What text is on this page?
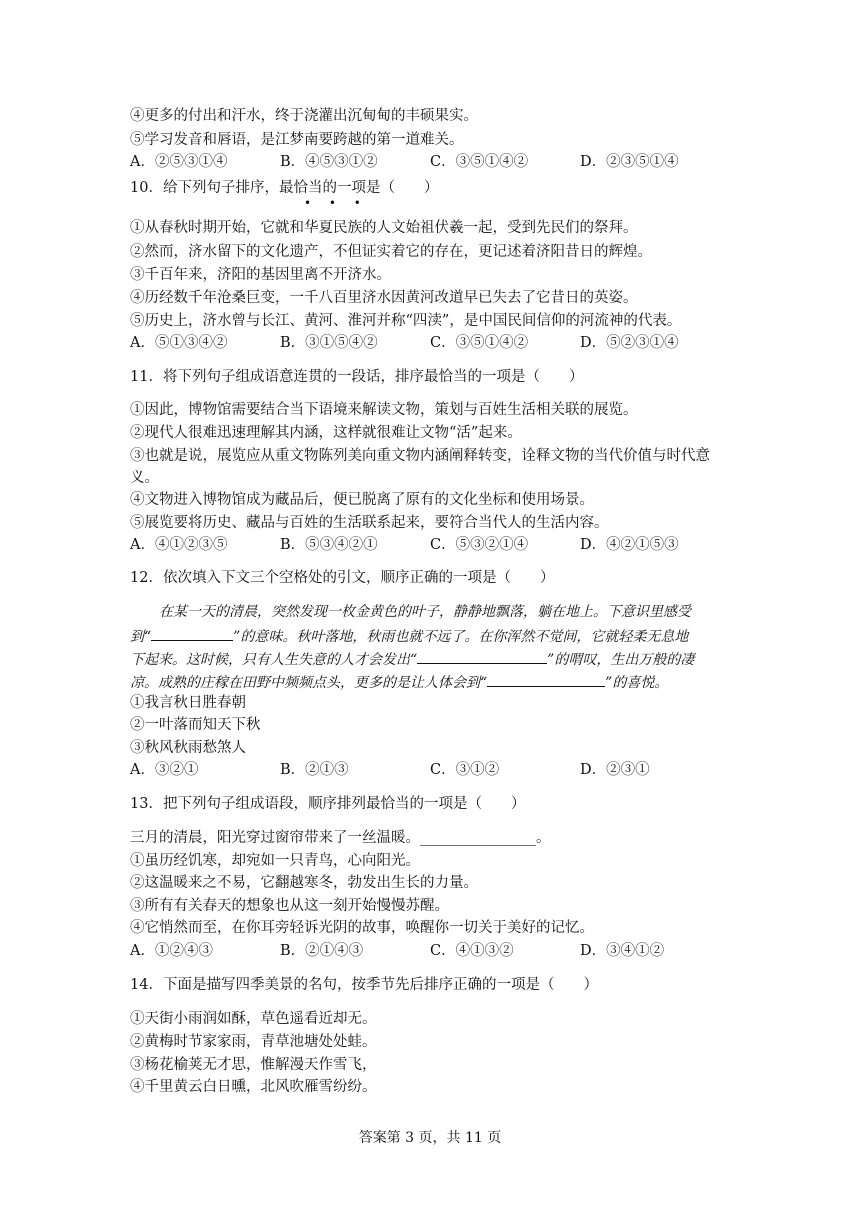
④更多的付出和汗水，终于浇灌出沉甸甸的丰硕果实。
⑤学习发音和唇语，是江梦南要跨越的第一道难关。
A．②⑤③①④	B．④⑤③①②	C．③⑤①④②	D．②③⑤①④
10．给下列句子排序，最恰当的一项是（　　）
• • •
①从春秋时期开始，它就和华夏民族的人文始祖伏羲一起，受到先民们的祭拜。
②然而，济水留下的文化遗产，不但证实着它的存在，更记述着济阳昔日的辉煌。
③千百年来，济阳的基因里离不开济水。
④历经数千年沧桑巨变，一千八百里济水因黄河改道早已失去了它昔日的英姿。
⑤历史上，济水曾与长江、黄河、淮河并称“四渎”，是中国民间信仰的河流神的代表。
A．⑤①③④②	B．③①⑤④②	C．③⑤①④②	D．⑤②③①④
11．将下列句子组成语意连贯的一段话，排序最恰当的一项是（　　）
①因此，博物馆需要结合当下语境来解读文物，策划与百姓生活相关联的展览。
②现代人很难迅速理解其内涵，这样就很难让文物“活”起来。
③也就是说，展览应从重文物陈列美向重文物内涵阐释转变，诠释文物的当代价值与时代意
义。
④文物进入博物馆成为藏品后，便已脱离了原有的文化坐标和使用场景。
⑤展览要将历史、藏品与百姓的生活联系起来，要符合当代人的生活内容。
A．④①②③⑤	B．⑤③④②①	C．⑤③②①④	D．④②①⑤③
12．依次填入下文三个空格处的引文，顺序正确的一项是（　　）
在某一天的清晨，突然发现一枚金黄色的叶子，静静地飘落，躺在地上。下意识里感受
到“	”的意味。秋叶落地，秋雨也就不远了。在你浑然不觉间，它就轻柔无息地
下起来。这时候，只有人生失意的人才会发出“	”的喟叹，生出万般的凄
凉。成熟的庄稼在田野中频频点头，更多的是让人体会到“	”的喜悦。
①我言秋日胜春朝
②一叶落而知天下秋
③秋风秋雨愁煞人
A．③②①	B．②①③	C．③①②	D．②③①
13．把下列句子组成语段，顺序排列最恰当的一项是（　　）
三月的清晨，阳光穿过窗帘带来了一丝温暖。________________。
①虽历经饥寒，却宛如一只青鸟，心向阳光。
②这温暖来之不易，它翻越寒冬，勃发出生长的力量。
③所有有关春天的想象也从这一刻开始慢慢苏醒。
④它悄然而至，在你耳旁轻诉光阴的故事，唤醒你一切关于美好的记忆。
A．①②④③	B．②①④③	C．④①③②	D．③④①②
14．下面是描写四季美景的名句，按季节先后排序正确的一项是（　　）
①天街小雨润如酥，草色遥看近却无。
②黄梅时节家家雨，青草池塘处处蛙。
③杨花榆荚无才思，惟解漫天作雪飞，
④千里黄云白日曛，北风吹雁雪纷纷。
答案第 3 页，共 11 页
